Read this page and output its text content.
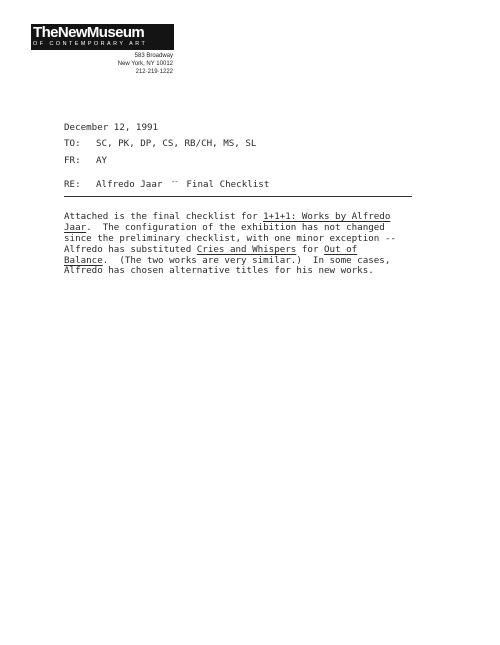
TheNewMuseum
OF CONTEMPORARY ART
583 Broadway
New York, NY 10012
212·219·1222
December 12, 1991
TO: SC, PK, DP, CS, RB/CH, MS, SL
FR: AY
RE: Alfredo Jaar -- Final Checklist
Attached is the final checklist for 1+1+1: Works by Alfredo
Jaar.  The configuration of the exhibition has not changed
since the preliminary checklist, with one minor exception --
Alfredo has substituted Cries and Whispers for Out of
Balance.  (The two works are very similar.)  In some cases,
Alfredo has chosen alternative titles for his new works.
